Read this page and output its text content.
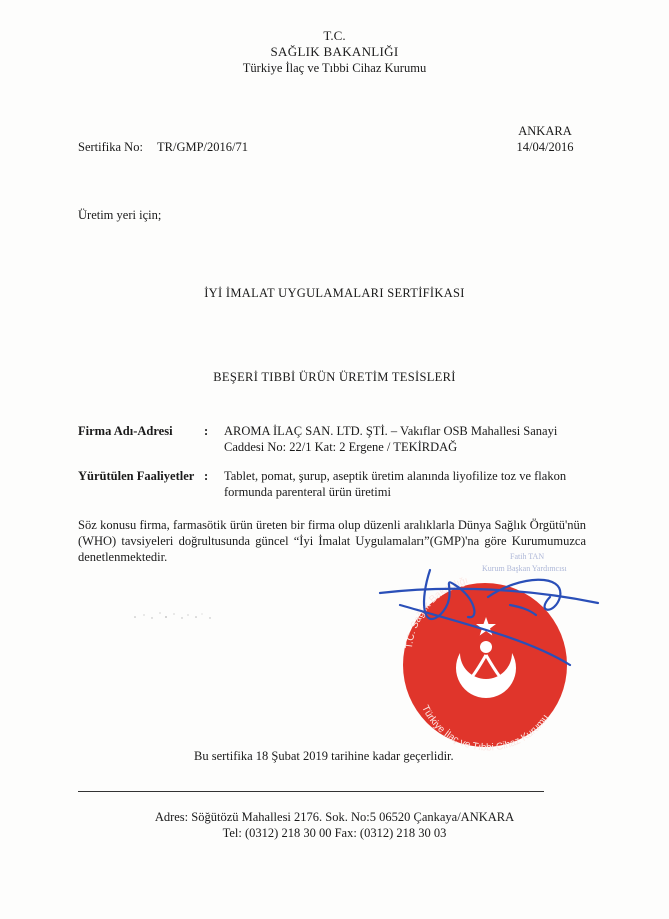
T.C.
SAĞLIK BAKANLIĞI
Türkiye İlaç ve Tıbbi Cihaz Kurumu
Sertifika No: TR/GMP/2016/71
ANKARA
14/04/2016
Üretim yeri için;
İYİ İMALAT UYGULAMALARI SERTİFİKASI
BEŞERİ TIBBİ ÜRÜN ÜRETİM TESİSLERİ
Firma Adı-Adresi	: AROMA İLAÇ SAN. LTD. ŞTİ. – Vakıflar OSB Mahallesi Sanayi Caddesi No: 22/1 Kat: 2 Ergene / TEKİRDAĞ
Yürütülen Faaliyetler : Tablet, pomat, şurup, aseptik üretim alanında liyofilize toz ve flakon formunda parenteral ürün üretimi
Söz konusu firma, farmasötik ürün üreten bir firma olup düzenli aralıklarla Dünya Sağlık Örgütü'nün (WHO) tavsiyeleri doğrultusunda güncel “İyi İmalat Uygulamaları”(GMP)'na göre Kurumumuzca denetlenmektedir.	Fatih TAN
Kurum Başkan Yardımcısı
T.C. Sağlık Bakanlığı
Türkiye İlaç ve Tıbbi Cihaz Kurumu
Bu sertifika 18 Şubat 2019 tarihine kadar geçerlidir.
Adres: Söğütözü Mahallesi 2176. Sok. No:5 06520 Çankaya/ANKARA
Tel: (0312) 218 30 00 Fax: (0312) 218 30 03
